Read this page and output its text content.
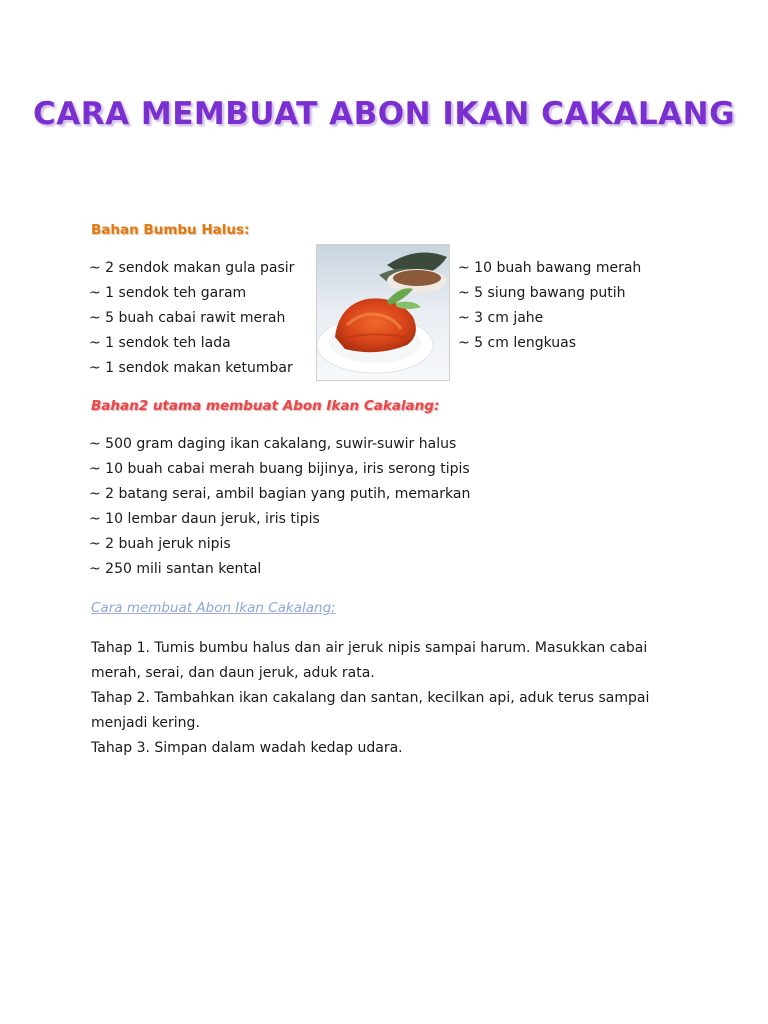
CARA MEMBUAT ABON IKAN CAKALANG
Bahan Bumbu Halus:
~ 2 sendok makan gula pasir
~ 1 sendok teh garam
~ 5 buah cabai rawit merah
~ 1 sendok teh lada
~ 1 sendok makan ketumbar
~ 10 buah bawang merah
~ 5 siung bawang putih
~ 3 cm jahe
~ 5 cm lengkuas
Bahan2 utama membuat Abon Ikan Cakalang:
~ 500 gram daging ikan cakalang, suwir-suwir halus
~ 10 buah cabai merah buang bijinya, iris serong tipis
~ 2 batang serai, ambil bagian yang putih, memarkan
~ 10 lembar daun jeruk, iris tipis
~ 2 buah jeruk nipis
~ 250 mili santan kental
Cara membuat Abon Ikan Cakalang:

Tahap 1. Tumis bumbu halus dan air jeruk nipis sampai harum. Masukkan cabai merah, serai, dan daun jeruk, aduk rata.

Tahap 2. Tambahkan ikan cakalang dan santan, kecilkan api, aduk terus sampai menjadi kering.

Tahap 3. Simpan dalam wadah kedap udara.
